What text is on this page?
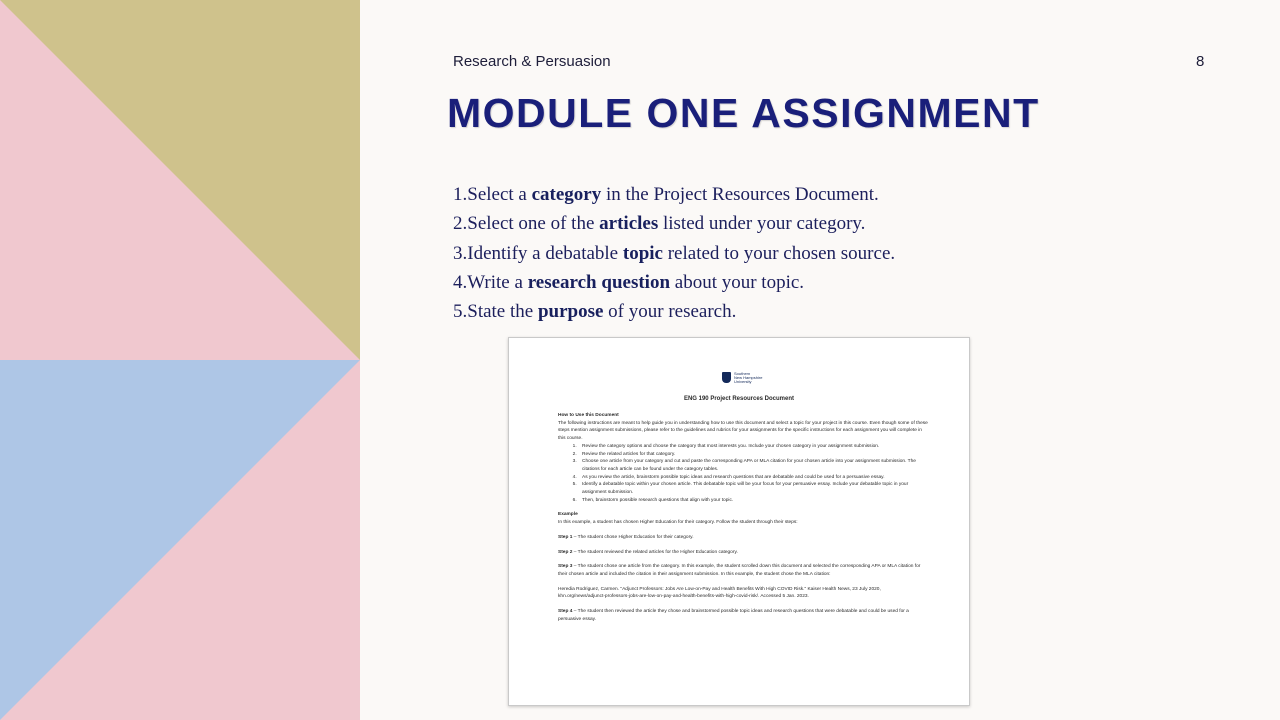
Research & Persuasion	8
MODULE ONE ASSIGNMENT
1.Select a category in the Project Resources Document.
2.Select one of the articles listed under your category.
3.Identify a debatable topic related to your chosen source.
4.Write a research question about your topic.
5.State the purpose of your research.
Southern
New Hampshire
University
ENG 190 Project Resources Document

How to Use this Document

The following instructions are meant to help guide you in understanding how to use this document and select a topic for your project in this course. Even though some of these steps mention assignment submissions, please refer to the guidelines and rubrics for your assignments for the specific instructions for each assignment you will complete in this course.

1. Review the category options and choose the category that most interests you. Include your chosen category in your assignment submission.
2. Review the related articles for that category.
3. Choose one article from your category and cut and paste the corresponding APA or MLA citation for your chosen article into your assignment submission. The citations for each article can be found under the category tables.
4. As you review the article, brainstorm possible topic ideas and research questions that are debatable and could be used for a persuasive essay.
5. Identify a debatable topic within your chosen article. This debatable topic will be your focus for your persuasive essay. Include your debatable topic in your assignment submission.
6. Then, brainstorm possible research questions that align with your topic.

Example

In this example, a student has chosen Higher Education for their category. Follow the student through their steps:

Step 1 – The student chose Higher Education for their category.

Step 2 – The student reviewed the related articles for the Higher Education category.

Step 3 – The student chose one article from the category. In this example, the student scrolled down this document and selected the corresponding APA or MLA citation for their chosen article and included the citation in their assignment submission. In this example, the student chose the MLA citation:

Heredia Rodriguez, Carmen. "Adjunct Professors: Jobs Are Low-on-Pay and Health Benefits With High COVID Risk." Kaiser Health News, 23 July 2020, khn.org/news/adjunct-professors-jobs-are-low-on-pay-and-health-benefits-with-high-covid-risk/. Accessed 5 Jan. 2023.

Step 4 – The student then reviewed the article they chose and brainstormed possible topic ideas and research questions that were debatable and could be used for a persuasive essay.
